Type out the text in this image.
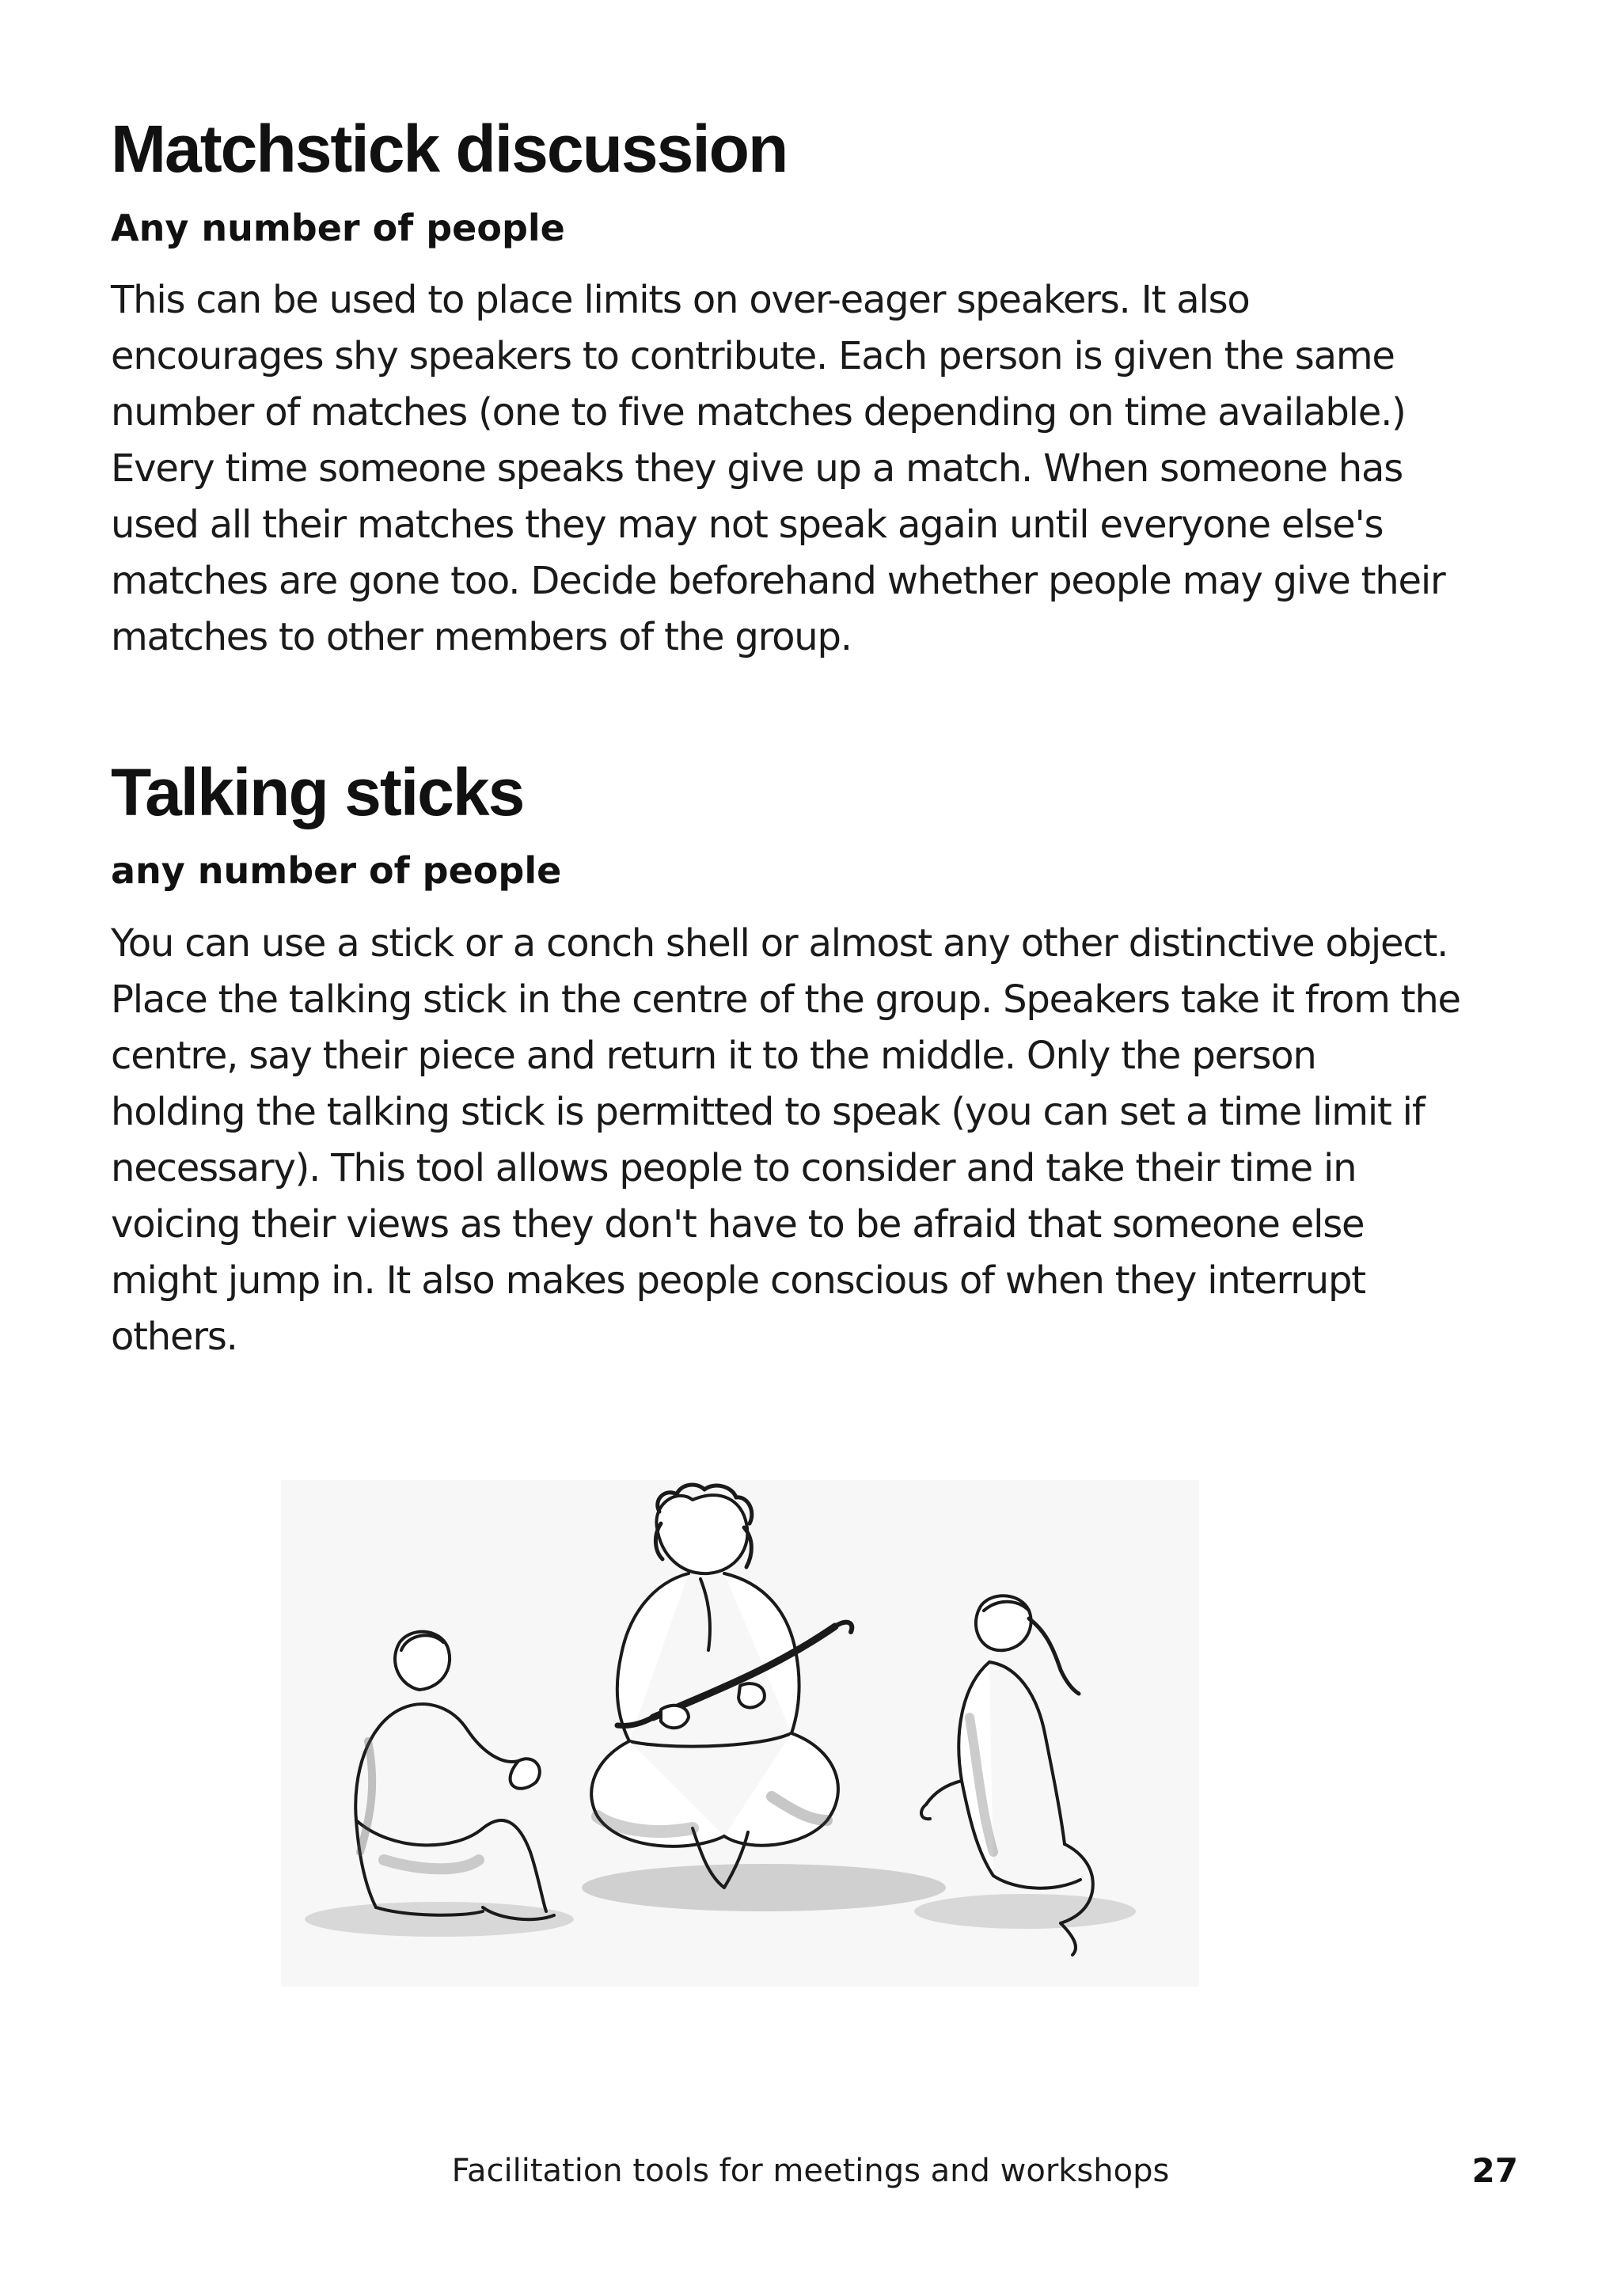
Matchstick discussion
Any number of people

This can be used to place limits on over-eager speakers. It also
encourages shy speakers to contribute. Each person is given the same
number of matches (one to five matches depending on time available.)
Every time someone speaks they give up a match. When someone has
used all their matches they may not speak again until everyone else's
matches are gone too. Decide beforehand whether people may give their
matches to other members of the group.

Talking sticks
any number of people

You can use a stick or a conch shell or almost any other distinctive object.
Place the talking stick in the centre of the group. Speakers take it from the
centre, say their piece and return it to the middle. Only the person
holding the talking stick is permitted to speak (you can set a time limit if
necessary). This tool allows people to consider and take their time in
voicing their views as they don't have to be afraid that someone else
might jump in. It also makes people conscious of when they interrupt
others.

Facilitation tools for meetings and workshops	27
